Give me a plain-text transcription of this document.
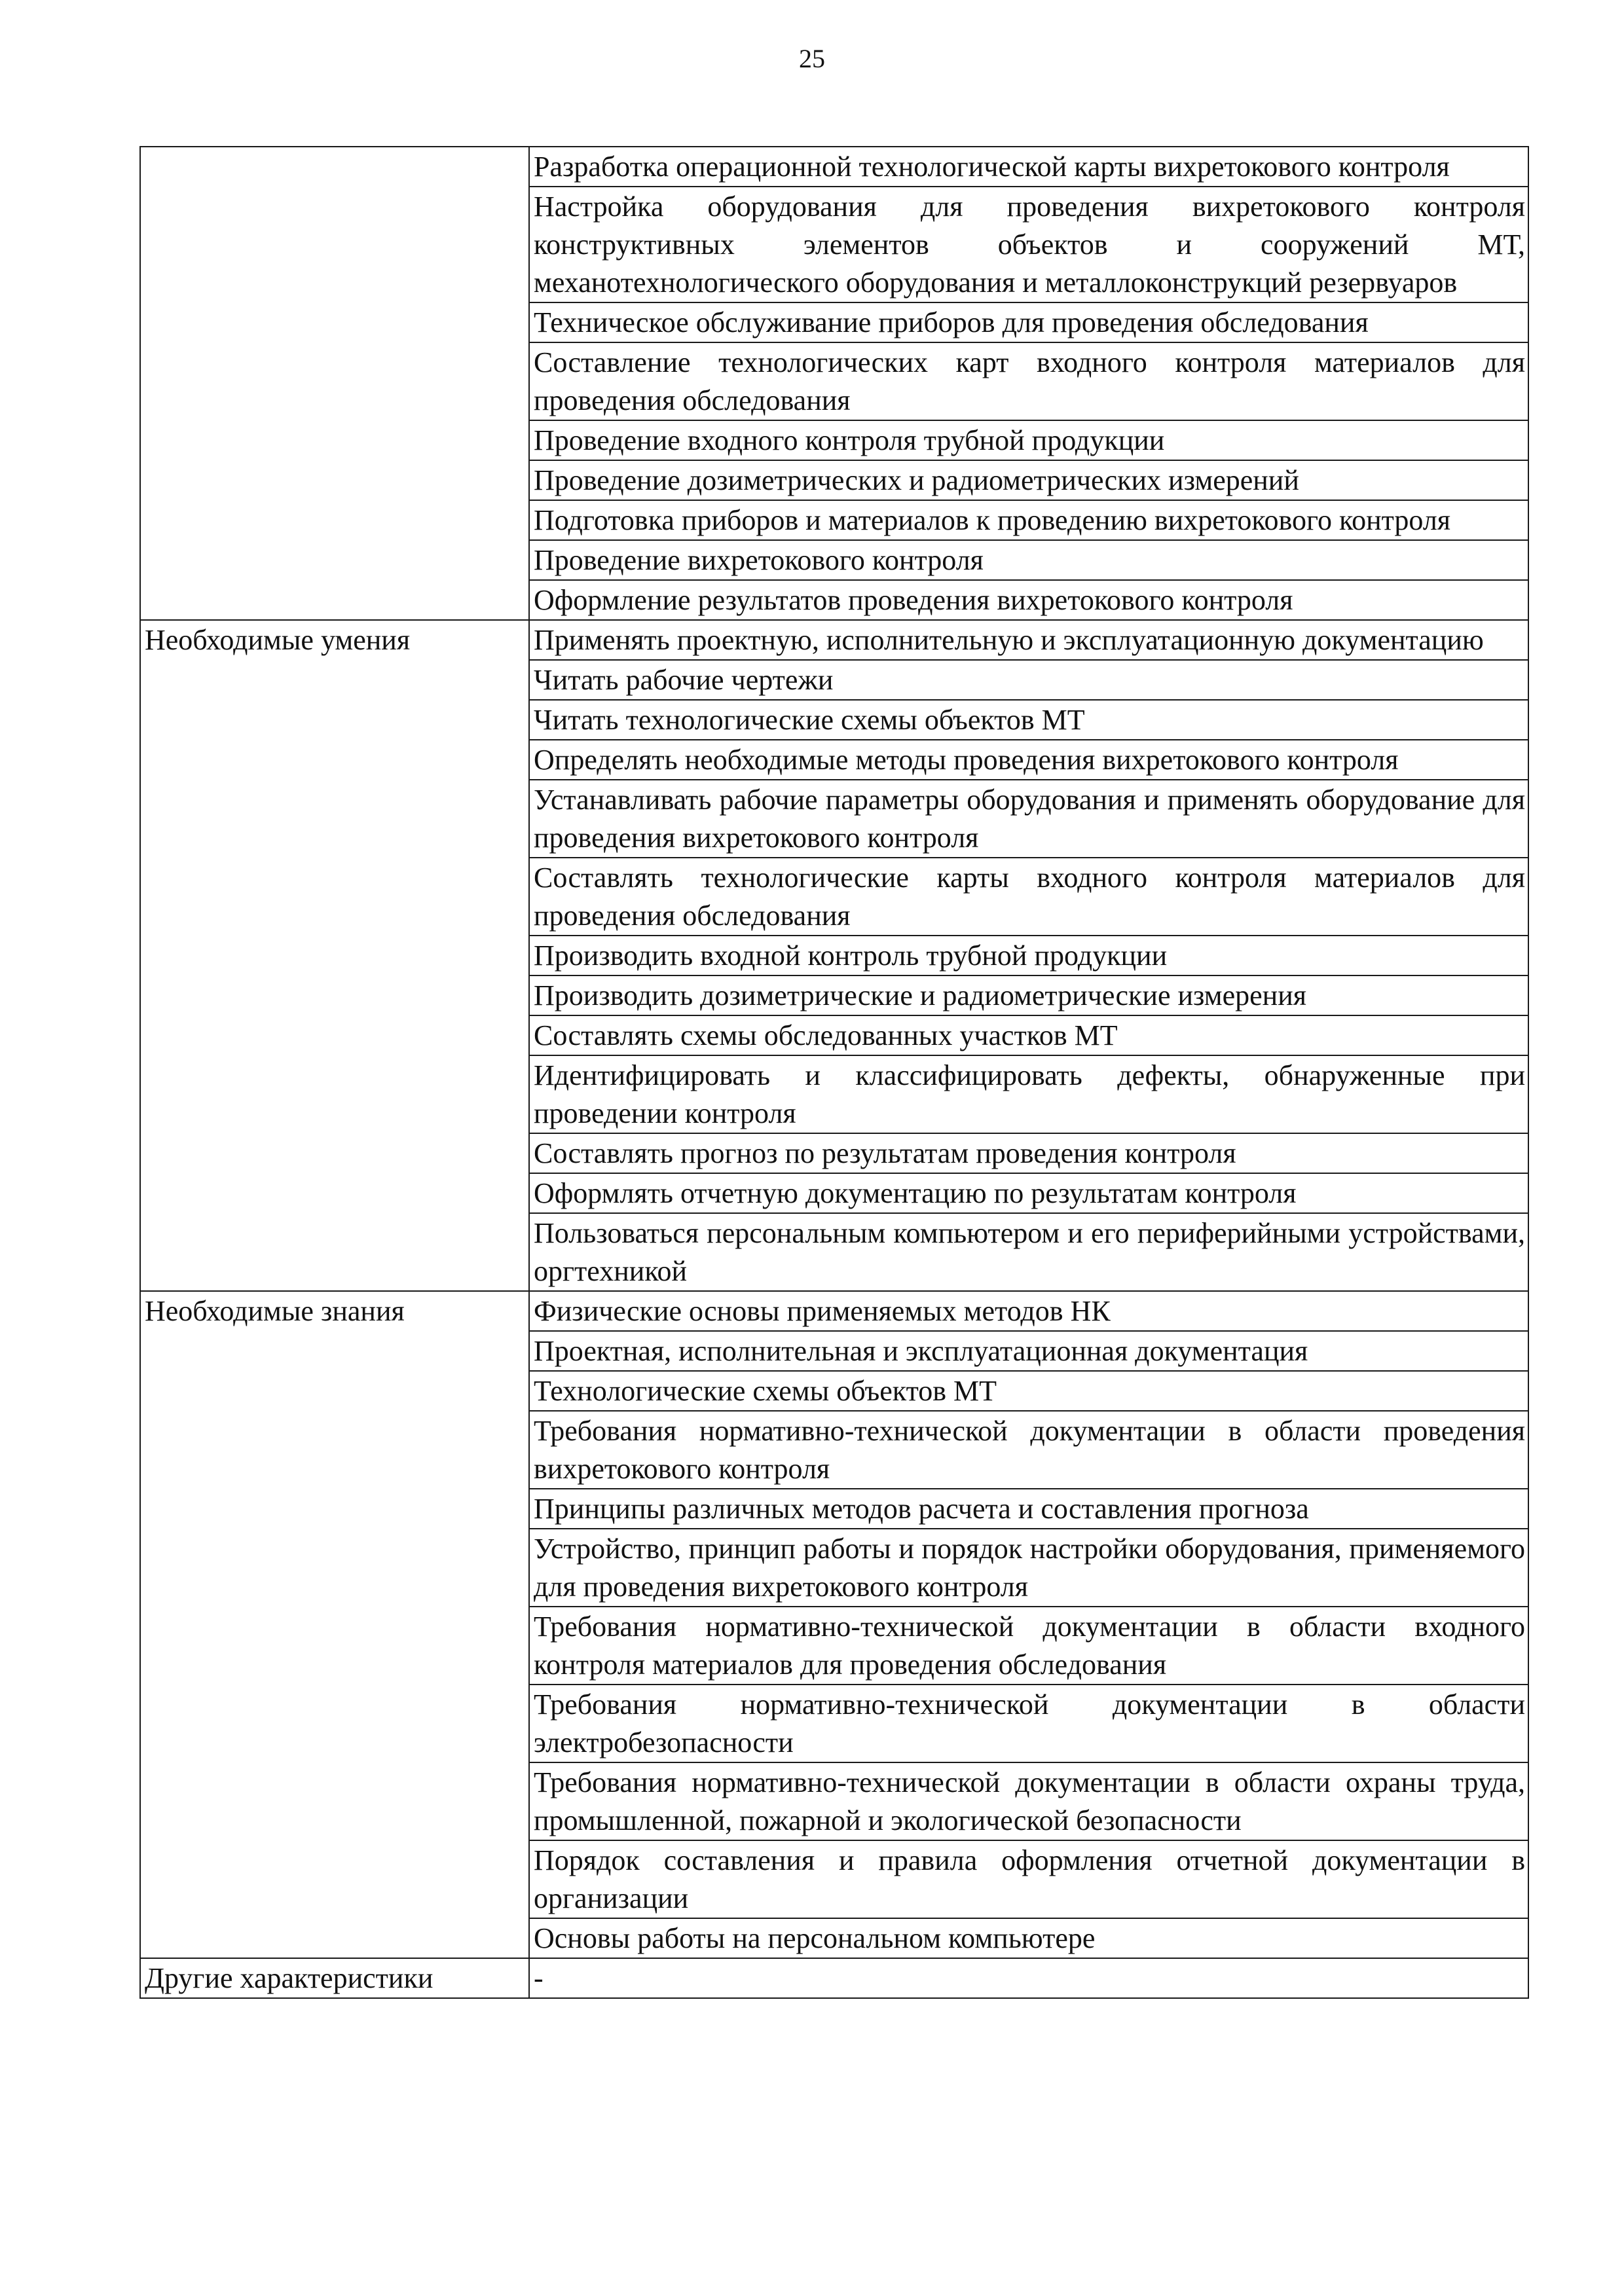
25
	Разработка операционной технологической карты вихретокового контроля
	Настройка оборудования для проведения вихретокового контроля конструктивных элементов объектов и сооружений МТ, механотехнологического оборудования и металлоконструкций резервуаров
	Техническое обслуживание приборов для проведения обследования
	Составление технологических карт входного контроля материалов для проведения обследования
	Проведение входного контроля трубной продукции
	Проведение дозиметрических и радиометрических измерений
	Подготовка приборов и материалов к проведению вихретокового контроля
	Проведение вихретокового контроля
	Оформление результатов проведения вихретокового контроля
Необходимые умения	Применять проектную, исполнительную и эксплуатационную документацию
	Читать рабочие чертежи
	Читать технологические схемы объектов МТ
	Определять необходимые методы проведения вихретокового контроля
	Устанавливать рабочие параметры оборудования и применять оборудование для проведения вихретокового контроля
	Составлять технологические карты входного контроля материалов для проведения обследования
	Производить входной контроль трубной продукции
	Производить дозиметрические и радиометрические измерения
	Составлять схемы обследованных участков МТ
	Идентифицировать и классифицировать дефекты, обнаруженные при проведении контроля
	Составлять прогноз по результатам проведения контроля
	Оформлять отчетную документацию по результатам контроля
	Пользоваться персональным компьютером и его периферийными устройствами, оргтехникой
Необходимые знания	Физические основы применяемых методов НК
	Проектная, исполнительная и эксплуатационная документация
	Технологические схемы объектов МТ
	Требования нормативно-технической документации в области проведения вихретокового контроля
	Принципы различных методов расчета и составления прогноза
	Устройство, принцип работы и порядок настройки оборудования, применяемого для проведения вихретокового контроля
	Требования нормативно-технической документации в области входного контроля материалов для проведения обследования
	Требования нормативно-технической документации в области электробезопасности
	Требования нормативно-технической документации в области охраны труда, промышленной, пожарной и экологической безопасности
	Порядок составления и правила оформления отчетной документации в организации
	Основы работы на персональном компьютере
Другие характеристики	-
